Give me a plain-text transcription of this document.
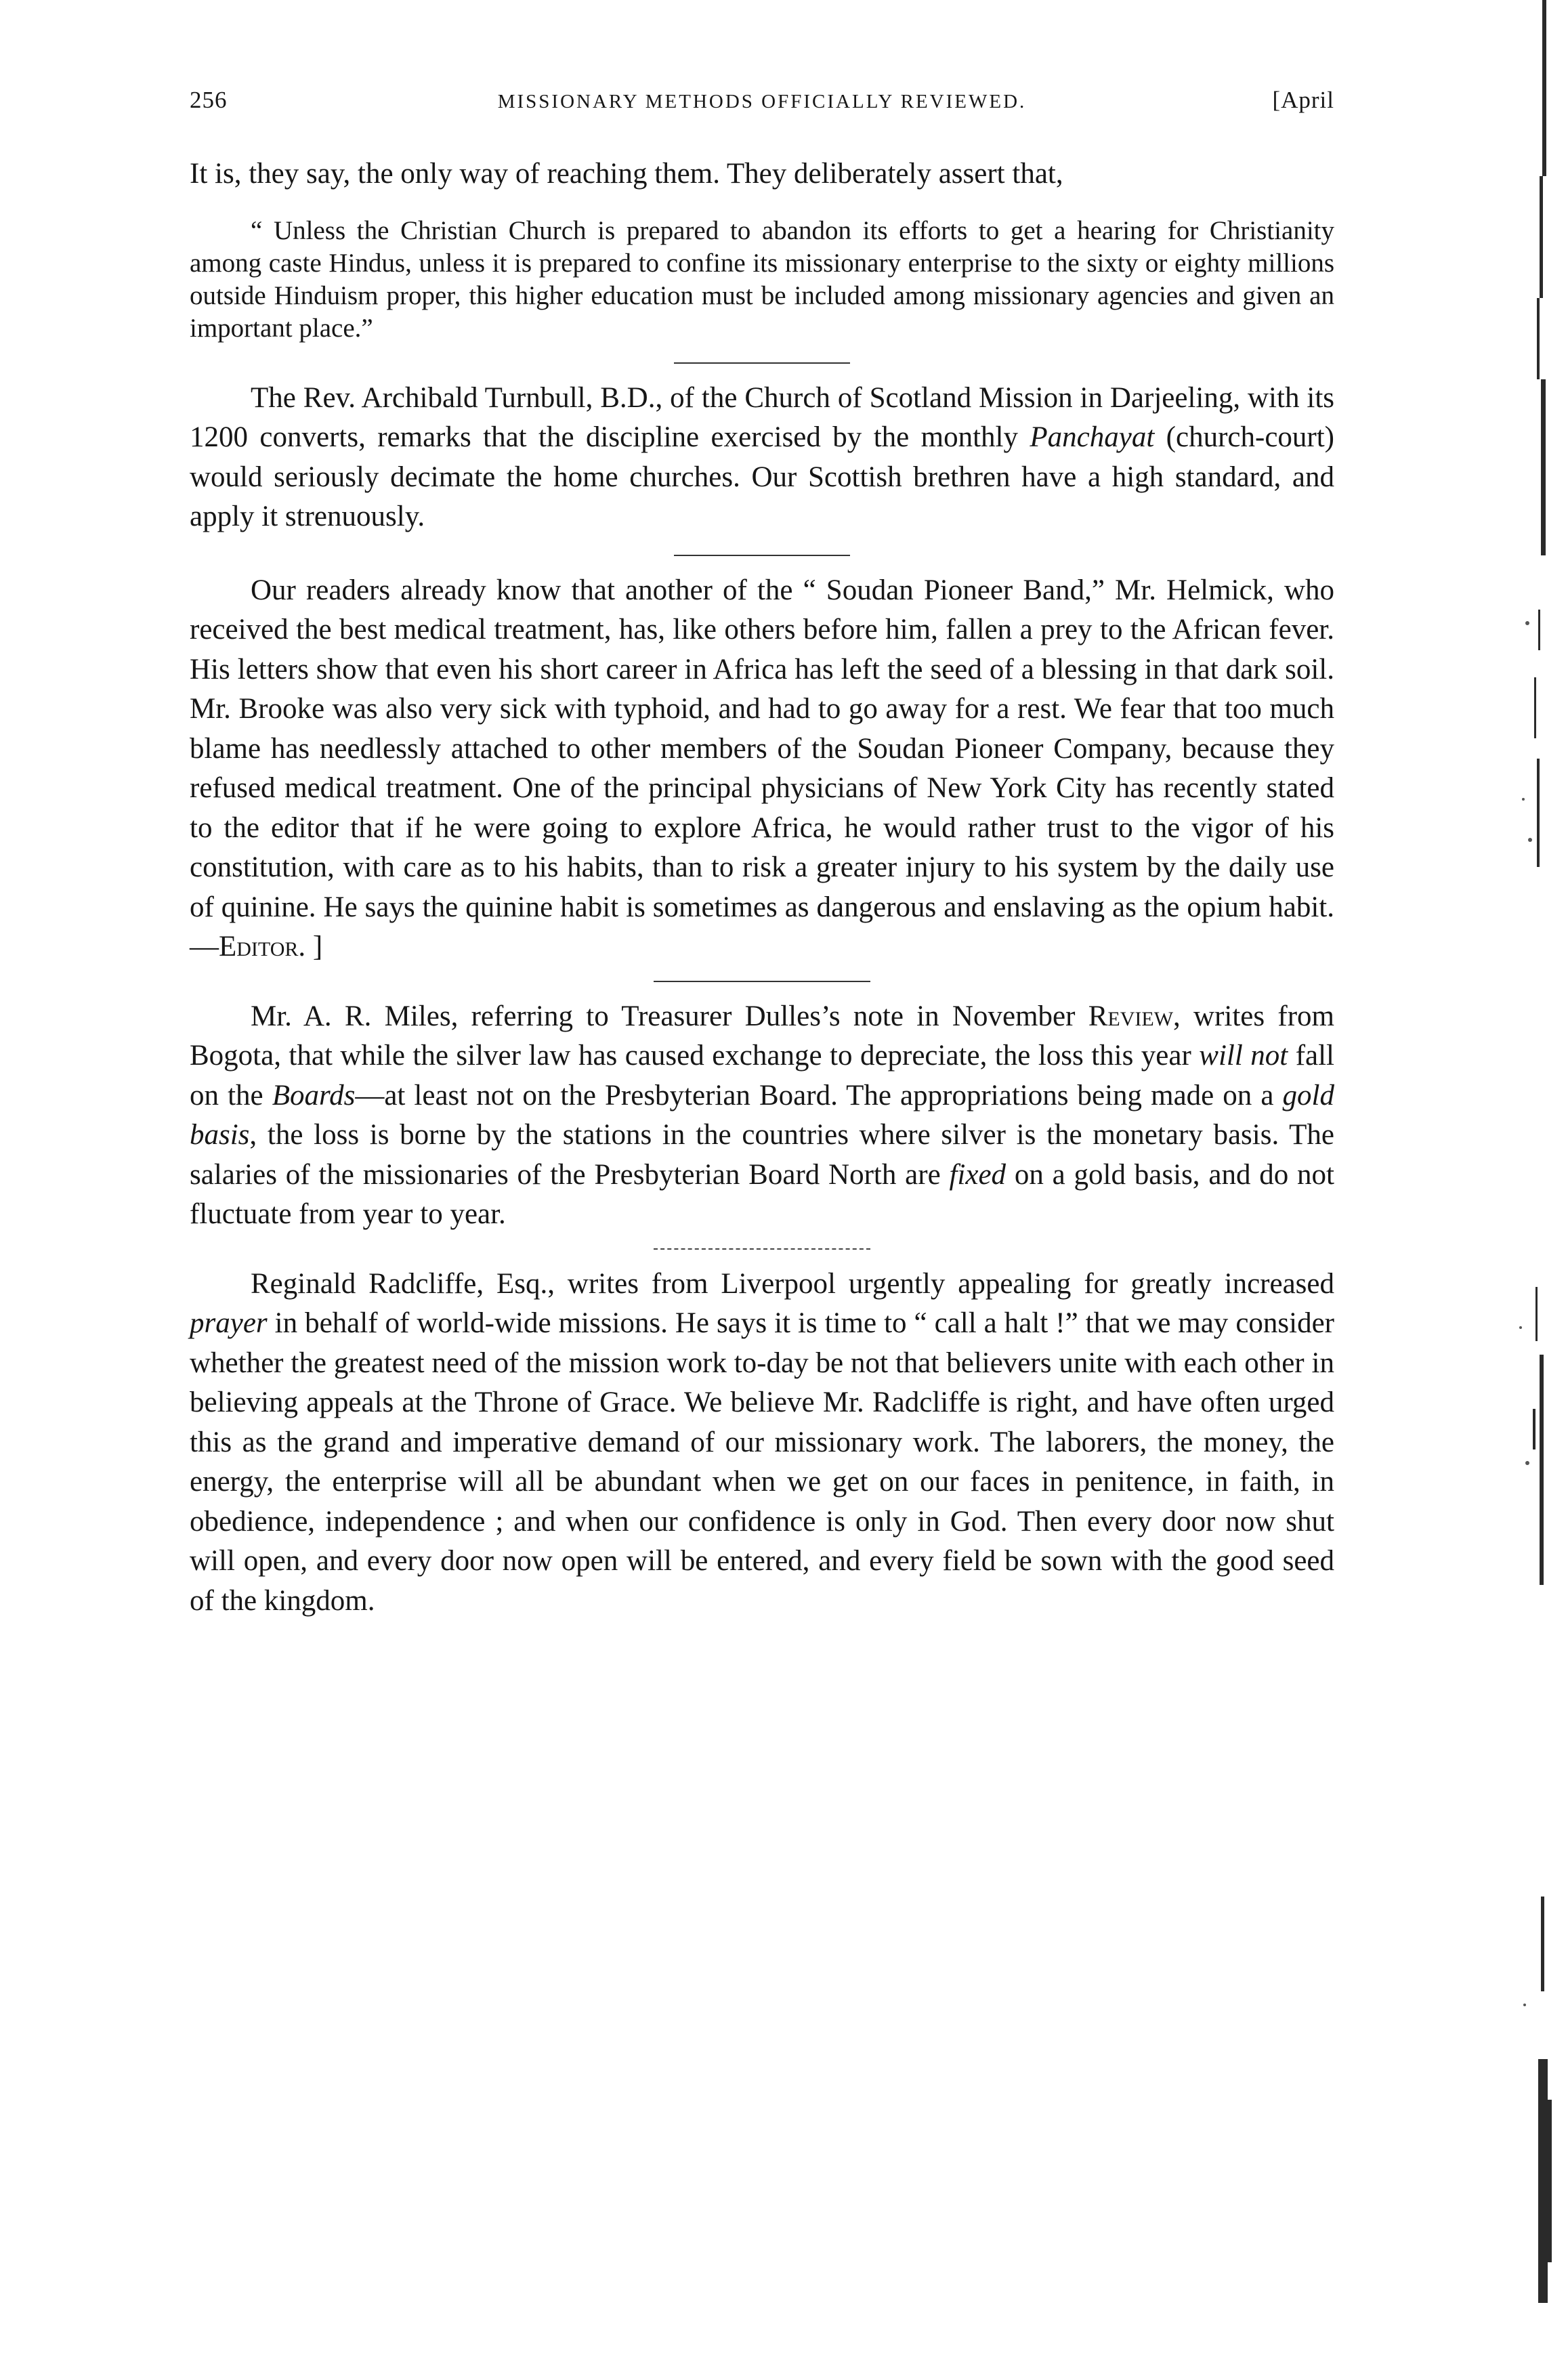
256	MISSIONARY METHODS OFFICIALLY REVIEWED.	[April

It is, they say, the only way of reaching them. They deliberately assert that,

“ Unless the Christian Church is prepared to abandon its efforts to get a hearing for Christianity among caste Hindus, unless it is prepared to confine its missionary enterprise to the sixty or eighty millions outside Hinduism proper, this higher education must be included among missionary agencies and given an important place.”

The Rev. Archibald Turnbull, B.D., of the Church of Scotland Mission in Darjeeling, with its 1200 converts, remarks that the discipline exercised by the monthly Panchayat (church-court) would seriously decimate the home churches. Our Scottish brethren have a high standard, and apply it strenuously.

Our readers already know that another of the “ Soudan Pioneer Band,” Mr. Helmick, who received the best medical treatment, has, like others before him, fallen a prey to the African fever. His letters show that even his short career in Africa has left the seed of a blessing in that dark soil. Mr. Brooke was also very sick with typhoid, and had to go away for a rest. We fear that too much blame has needlessly attached to other members of the Soudan Pioneer Company, because they refused medical treatment. One of the principal physicians of New York City has recently stated to the editor that if he were going to explore Africa, he would rather trust to the vigor of his constitution, with care as to his habits, than to risk a greater injury to his system by the daily use of quinine. He says the quinine habit is sometimes as dangerous and enslaving as the opium habit.—Editor. ]

Mr. A. R. Miles, referring to Treasurer Dulles’s note in November Review, writes from Bogota, that while the silver law has caused exchange to depreciate, the loss this year will not fall on the Boards—at least not on the Presbyterian Board. The appropriations being made on a gold basis, the loss is borne by the stations in the countries where silver is the monetary basis. The salaries of the missionaries of the Presbyterian Board North are fixed on a gold basis, and do not fluctuate from year to year.

Reginald Radcliffe, Esq., writes from Liverpool urgently appealing for greatly increased prayer in behalf of world-wide missions. He says it is time to “ call a halt !” that we may consider whether the greatest need of the mission work to-day be not that believers unite with each other in believing appeals at the Throne of Grace. We believe Mr. Radcliffe is right, and have often urged this as the grand and imperative demand of our missionary work. The laborers, the money, the energy, the enterprise will all be abundant when we get on our faces in penitence, in faith, in obedience, independence ; and when our confidence is only in God. Then every door now shut will open, and every door now open will be entered, and every field be sown with the good seed of the kingdom.
